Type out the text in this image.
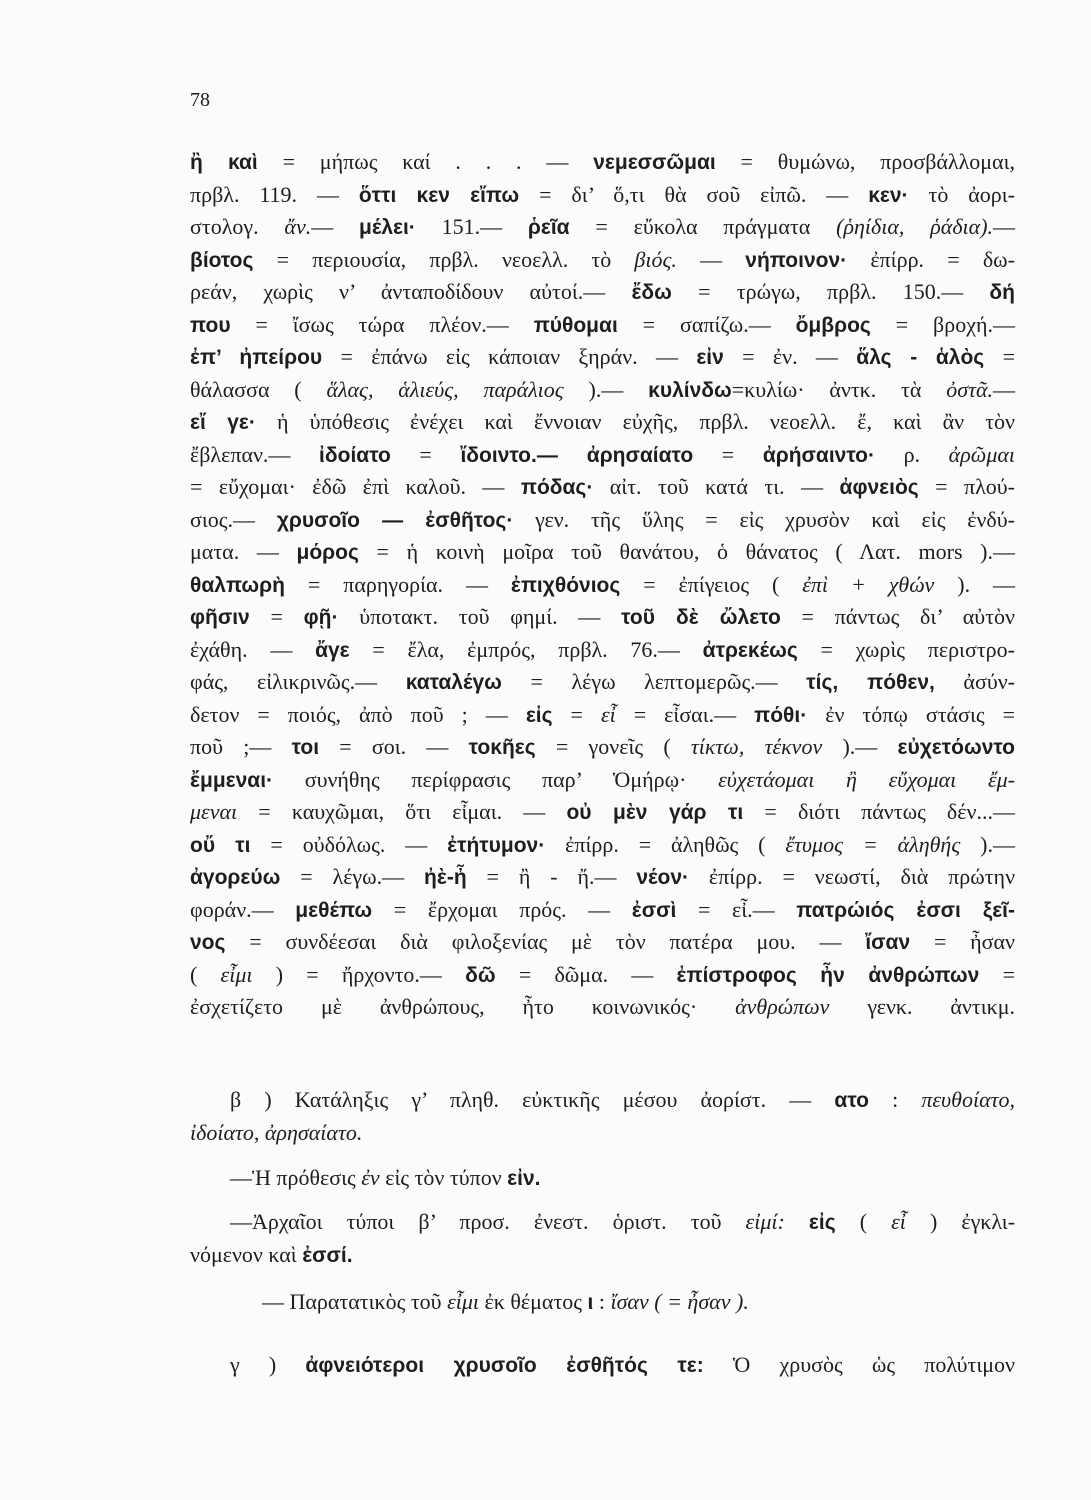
78
ἢ καὶ = μήπως καί . . . — νεμεσσῶμαι = θυμώνω, προσβάλλομαι,
πρβλ. 119. — ὅττι κεν εἴπω = δι’ ὅ,τι θὰ σοῦ εἰπῶ. — κεν· τὸ ἀορι-
στολογ. ἄν.— μέλει· 151.— ῥεῖα = εὔκολα πράγματα (ῥηίδια, ῥάδια).—
βίοτος = περιουσία, πρβλ. νεοελλ. τὸ βιός. — νήποινον· ἐπίρρ. = δω-
ρεάν, χωρὶς ν’ ἀνταποδίδουν αὐτοί.— ἔδω = τρώγω, πρβλ. 150.— δή
που = ἴσως τώρα πλέον.— πύθομαι = σαπίζω.— ὄμβρος = βροχή.—
ἐπ’ ἠπείρου = ἐπάνω εἰς κάποιαν ξηράν. — εἰν = ἐν. — ἅλς - ἁλὸς =
θάλασσα ( ἅλας, ἁλιεύς, παράλιος ).— κυλίνδω=κυλίω· ἀντκ. τὰ ὀστᾶ.—
εἴ γε· ἡ ὑπόθεσις ἐνέχει καὶ ἔννοιαν εὐχῆς, πρβλ. νεοελλ. ἔ, καὶ ἂν τὸν
ἔβλεπαν.— ἰδοίατο = ἴδοιντο.— ἀρησαίατο = ἀρήσαιντο· ρ. ἀρῶμαι
= εὔχομαι· ἐδῶ ἐπὶ καλοῦ. — πόδας· αἰτ. τοῦ κατά τι. — ἀφνειὸς = πλού-
σιος.— χρυσοῖο — ἐσθῆτος· γεν. τῆς ὕλης = εἰς χρυσὸν καὶ εἰς ἐνδύ-
ματα. — μόρος = ἡ κοινὴ μοῖρα τοῦ θανάτου, ὁ θάνατος ( Λατ. mors ).—
θαλπωρὴ = παρηγορία. — ἐπιχθόνιος = ἐπίγειος ( ἐπὶ + χθών ). —
φῆσιν = φῇ· ὑποτακτ. τοῦ φημί. — τοῦ δὲ ὤλετο = πάντως δι’ αὐτὸν
ἐχάθη. — ἄγε = ἔλα, ἐμπρός, πρβλ. 76.— ἀτρεκέως = χωρὶς περιστρο-
φάς, εἰλικρινῶς.— καταλέγω = λέγω λεπτομερῶς.— τίς, πόθεν, ἀσύν-
δετον = ποιός, ἀπὸ ποῦ ; — εἰς = εἶ = εἶσαι.— πόθι· ἐν τόπῳ στάσις =
ποῦ ;— τοι = σοι. — τοκῆες = γονεῖς ( τίκτω, τέκνον ).— εὐχετόωντο
ἔμμεναι· συνήθης περίφρασις παρ’ Ὁμήρῳ· εὐχετάομαι ἢ εὔχομαι ἔμ-
μεναι = καυχῶμαι, ὅτι εἶμαι. — οὐ μὲν γάρ τι = διότι πάντως δέν...—
οὔ τι = οὐδόλως. — ἐτήτυμον· ἐπίρρ. = ἀληθῶς ( ἔτυμος = ἀληθής ).—
ἀγορεύω = λέγω.— ἠὲ-ἦ = ἢ - ἤ.— νέον· ἐπίρρ. = νεωστί, διὰ πρώτην
φοράν.— μεθέπω = ἔρχομαι πρός. — ἐσσὶ = εἶ.— πατρώιός ἐσσι ξεῖ-
νος = συνδέεσαι διὰ φιλοξενίας μὲ τὸν πατέρα μου. — ἴσαν = ἦσαν
( εἶμι ) = ἤρχοντο.— δῶ = δῶμα. — ἐπίστροφος ἦν ἀνθρώπων =
ἐσχετίζετο μὲ ἀνθρώπους, ἦτο κοινωνικός· ἀνθρώπων γενκ. ἀντικμ.
β ) Κατάληξις γ’ πληθ. εὐκτικῆς μέσου ἀορίστ. — ατο : πευθοίατο,
ἰδοίατο, ἀρησαίατο.
—Ἡ πρόθεσις ἐν εἰς τὸν τύπον εἰν.
—Ἀρχαῖοι τύποι β’ προσ. ἐνεστ. ὁριστ. τοῦ εἰμί: εἰς ( εἶ ) ἐγκλι-
νόμενον καὶ ἐσσί.
— Παρατατικὸς τοῦ εἶμι ἐκ θέματος ι : ἴσαν ( = ἦσαν ).
γ ) ἀφνειότεροι χρυσοῖο ἐσθῆτός τε: Ὁ χρυσὸς ὡς πολύτιμον
